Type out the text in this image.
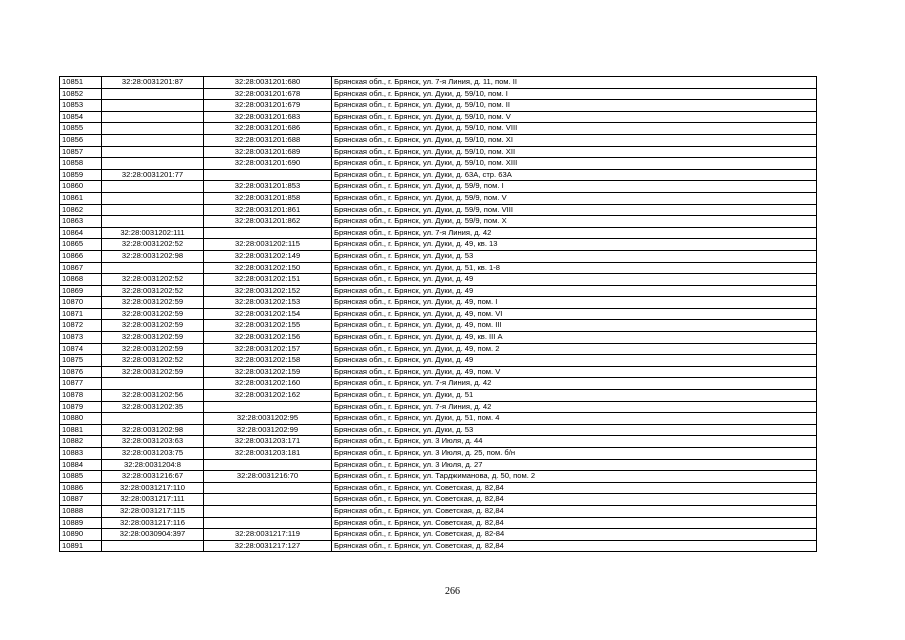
10851	32:28:0031201:87	32:28:0031201:680	Брянская обл., г. Брянск, ул. 7-я Линия, д. 11, пом. II
10852		32:28:0031201:678	Брянская обл., г. Брянск, ул. Дуки, д. 59/10, пом. I
10853		32:28:0031201:679	Брянская обл., г. Брянск, ул. Дуки, д. 59/10, пом. II
10854		32:28:0031201:683	Брянская обл., г. Брянск, ул. Дуки, д. 59/10, пом. V
10855		32:28:0031201:686	Брянская обл., г. Брянск, ул. Дуки, д. 59/10, пом. VIII
10856		32:28:0031201:688	Брянская обл., г. Брянск, ул. Дуки, д. 59/10, пом. XI
10857		32:28:0031201:689	Брянская обл., г. Брянск, ул. Дуки, д. 59/10, пом. XII
10858		32:28:0031201:690	Брянская обл., г. Брянск, ул. Дуки, д. 59/10, пом. XIII
10859	32:28:0031201:77		Брянская обл., г. Брянск, ул. Дуки, д. 63А, стр. 63А
10860		32:28:0031201:853	Брянская обл., г. Брянск, ул. Дуки, д. 59/9, пом. I
10861		32:28:0031201:858	Брянская обл., г. Брянск, ул. Дуки, д. 59/9, пом. V
10862		32:28:0031201:861	Брянская обл., г. Брянск, ул. Дуки, д. 59/9, пом. VIII
10863		32:28:0031201:862	Брянская обл., г. Брянск, ул. Дуки, д. 59/9, пом. X
10864	32:28:0031202:111		Брянская обл., г. Брянск, ул. 7-я Линия, д. 42
10865	32:28:0031202:52	32:28:0031202:115	Брянская обл., г. Брянск, ул. Дуки, д. 49, кв. 13
10866	32:28:0031202:98	32:28:0031202:149	Брянская обл., г. Брянск, ул. Дуки, д. 53
10867		32:28:0031202:150	Брянская обл., г. Брянск, ул. Дуки, д. 51, кв. 1-8
10868	32:28:0031202:52	32:28:0031202:151	Брянская обл., г. Брянск, ул. Дуки, д. 49
10869	32:28:0031202:52	32:28:0031202:152	Брянская обл., г. Брянск, ул. Дуки, д. 49
10870	32:28:0031202:59	32:28:0031202:153	Брянская обл., г. Брянск, ул. Дуки, д. 49, пом. I
10871	32:28:0031202:59	32:28:0031202:154	Брянская обл., г. Брянск, ул. Дуки, д. 49, пом. VI
10872	32:28:0031202:59	32:28:0031202:155	Брянская обл., г. Брянск, ул. Дуки, д. 49, пом. III
10873	32:28:0031202:59	32:28:0031202:156	Брянская обл., г. Брянск, ул. Дуки, д. 49, кв. III А
10874	32:28:0031202:59	32:28:0031202:157	Брянская обл., г. Брянск, ул. Дуки, д. 49, пом. 2
10875	32:28:0031202:52	32:28:0031202:158	Брянская обл., г. Брянск, ул. Дуки, д. 49
10876	32:28:0031202:59	32:28:0031202:159	Брянская обл., г. Брянск, ул. Дуки, д. 49, пом. V
10877		32:28:0031202:160	Брянская обл., г. Брянск, ул. 7-я Линия, д. 42
10878	32:28:0031202:56	32:28:0031202:162	Брянская обл., г. Брянск, ул. Дуки, д. 51
10879	32:28:0031202:35		Брянская обл., г. Брянск, ул. 7-я Линия, д. 42
10880		32:28:0031202:95	Брянская обл., г. Брянск, ул. Дуки, д. 51, пом. 4
10881	32:28:0031202:98	32:28:0031202:99	Брянская обл., г. Брянск, ул. Дуки, д. 53
10882	32:28:0031203:63	32:28:0031203:171	Брянская обл., г. Брянск, ул. 3 Июля, д. 44
10883	32:28:0031203:75	32:28:0031203:181	Брянская обл., г. Брянск, ул. 3 Июля, д. 25, пом. б/н
10884	32:28:0031204:8		Брянская обл., г. Брянск, ул. 3 Июля, д. 27
10885	32:28:0031216:67	32:28:0031216:70	Брянская обл., г. Брянск, ул. Тарджиманова, д. 50, пом. 2
10886	32:28:0031217:110		Брянская обл., г. Брянск, ул. Советская, д. 82,84
10887	32:28:0031217:111		Брянская обл., г. Брянск, ул. Советская, д. 82,84
10888	32:28:0031217:115		Брянская обл., г. Брянск, ул. Советская, д. 82,84
10889	32:28:0031217:116		Брянская обл., г. Брянск, ул. Советская, д. 82,84
10890	32:28:0030904:397	32:28:0031217:119	Брянская обл., г. Брянск, ул. Советская, д. 82-84
10891		32:28:0031217:127	Брянская обл., г. Брянск, ул. Советская, д. 82,84
266
